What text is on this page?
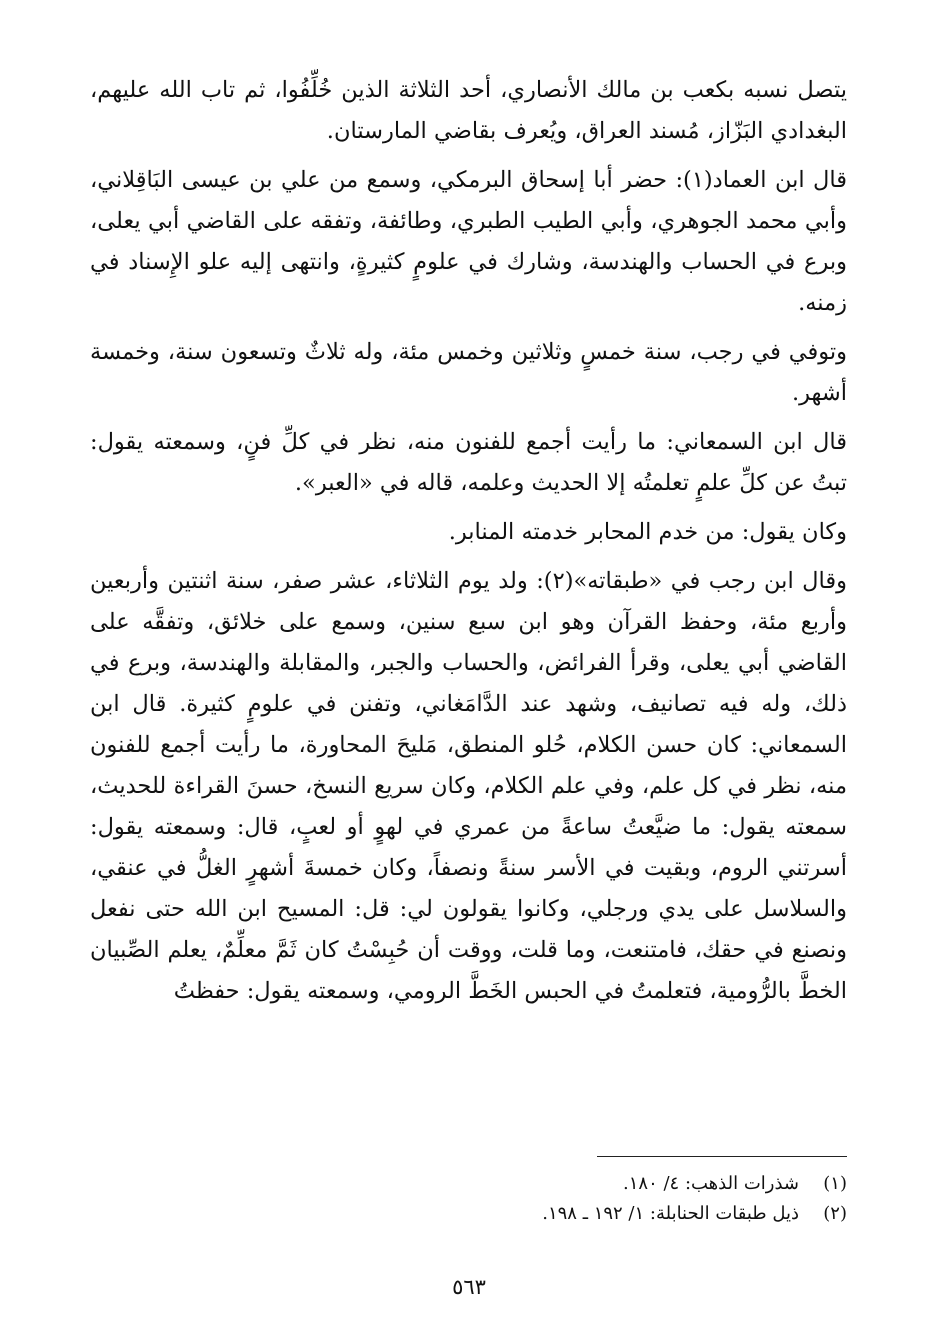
يتصل نسبه بكعب بن مالك الأنصاري، أحد الثلاثة الذين خُلِّفُوا، ثم تاب الله عليهم، البغدادي البَزّاز، مُسند العراق، ويُعرف بقاضي المارستان.

قال ابن العماد(١): حضر أبا إسحاق البرمكي، وسمع من علي بن عيسى البَاقِلاني، وأبي محمد الجوهري، وأبي الطيب الطبري، وطائفة، وتفقه على القاضي أبي يعلى، وبرع في الحساب والهندسة، وشارك في علومٍ كثيرةٍ، وانتهى إليه علو الإِسناد في زمنه.

وتوفي في رجب، سنة خمسٍ وثلاثين وخمس مئة، وله ثلاثٌ وتسعون سنة، وخمسة أشهر.

قال ابن السمعاني: ما رأيت أجمع للفنون منه، نظر في كلِّ فنٍ، وسمعته يقول: تبتُ عن كلِّ علمٍ تعلمتُه إلا الحديث وعلمه، قاله في «العبر».

وكان يقول: من خدم المحابر خدمته المنابر.

وقال ابن رجب في «طبقاته»(٢): ولد يوم الثلاثاء، عشر صفر، سنة اثنتين وأربعين وأربع مئة، وحفظ القرآن وهو ابن سبع سنين، وسمع على خلائق، وتفقَّه على القاضي أبي يعلى، وقرأ الفرائض، والحساب والجبر، والمقابلة والهندسة، وبرع في ذلك، وله فيه تصانيف، وشهد عند الدَّامَغاني، وتفنن في علومٍ كثيرة. قال ابن السمعاني: كان حسن الكلام، حُلو المنطق، مَليحَ المحاورة، ما رأيت أجمع للفنون منه، نظر في كل علم، وفي علم الكلام، وكان سريع النسخ، حسنَ القراءة للحديث، سمعته يقول: ما ضيَّعتُ ساعةً من عمري في لهوٍ أو لعبٍ، قال: وسمعته يقول: أسرتني الروم، وبقيت في الأسر سنةً ونصفاً، وكان خمسةَ أشهرٍ الغلُّ في عنقي، والسلاسل على يدي ورجلي، وكانوا يقولون لي: قل: المسيح ابن الله حتى نفعل ونصنع في حقك، فامتنعت، وما قلت، ووقت أن حُبِسْتُ كان ثَمَّ معلِّمٌ، يعلم الصِّبيان الخطَّ بالرُّومية، فتعلمتُ في الحبس الخَطَّ الرومي، وسمعته يقول: حفظتُ

(١)شذرات الذهب: ٤/ ١٨٠.

(٢)ذيل طبقات الحنابلة: ١/ ١٩٢ ـ ١٩٨.

٥٦٣
